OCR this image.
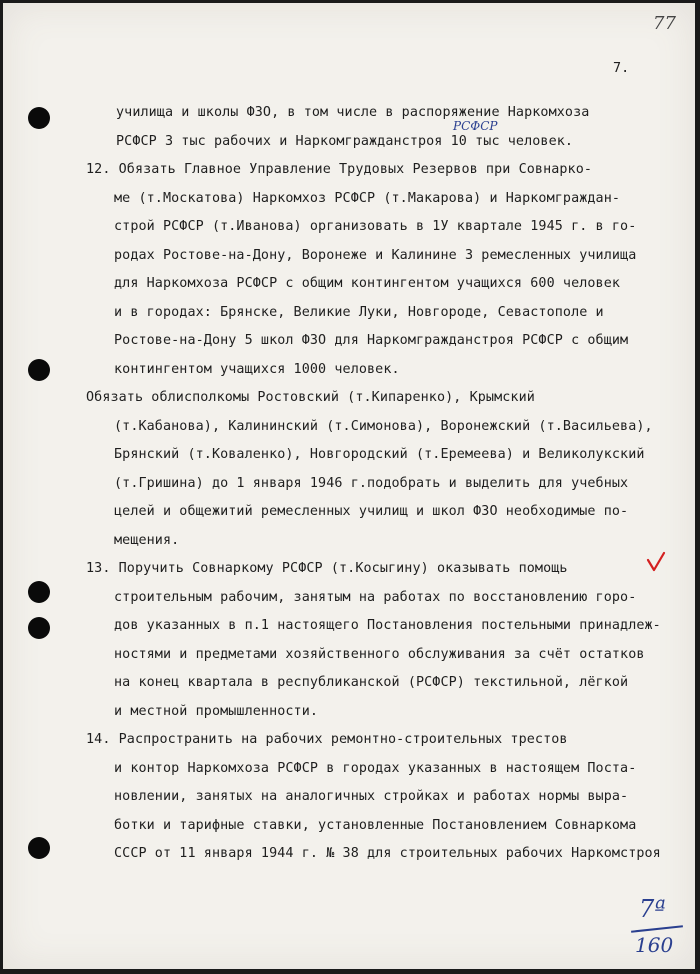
77
7.
РСФСР
училища и школы ФЗО, в том числе в распоряжение Наркомхоза
РСФСР 3 тыс рабочих и Наркомгражданстроя 10 тыс человек.
12. Обязать Главное Управление Трудовых Резервов при Совнарко-
ме (т.Москатова) Наркомхоз РСФСР (т.Макарова) и Наркомграждан-
строй РСФСР (т.Иванова) организовать в 1У квартале 1945 г. в го-
родах Ростове-на-Дону, Воронеже и Калинине 3 ремесленных училища
для Наркомхоза РСФСР с общим контингентом учащихся 600 человек
и в городах: Брянске, Великие Луки, Новгороде, Севастополе и
Ростове-на-Дону 5 школ ФЗО для Наркомгражданстроя РСФСР с общим
контингентом учащихся 1000 человек.
Обязать облисполкомы Ростовский (т.Кипаренко), Крымский
(т.Кабанова), Калининский (т.Симонова), Воронежский (т.Васильева),
Брянский (т.Коваленко), Новгородский (т.Еремеева) и Великолукский
(т.Гришина) до 1 января 1946 г.подобрать и выделить для учебных
целей и общежитий ремесленных училищ и школ ФЗО необходимые по-
мещения.
13. Поручить Совнаркому РСФСР (т.Косыгину) оказывать помощь
строительным рабочим, занятым на работах по восстановлению горо-
дов указанных в п.1 настоящего Постановления постельными принадлеж-
ностями и предметами хозяйственного обслуживания за счёт остатков
на конец квартала в республиканской (РСФСР) текстильной, лёгкой
и местной промышленности.
14. Распространить на рабочих ремонтно-строительных трестов
и контор Наркомхоза РСФСР в городах указанных в настоящем Поста-
новлении, занятых на аналогичных стройках и работах нормы выра-
ботки и тарифные ставки, установленные Постановлением Совнаркома
СССР от 11 января 1944 г. № 38 для строительных рабочих Наркомстроя
7ª
160
